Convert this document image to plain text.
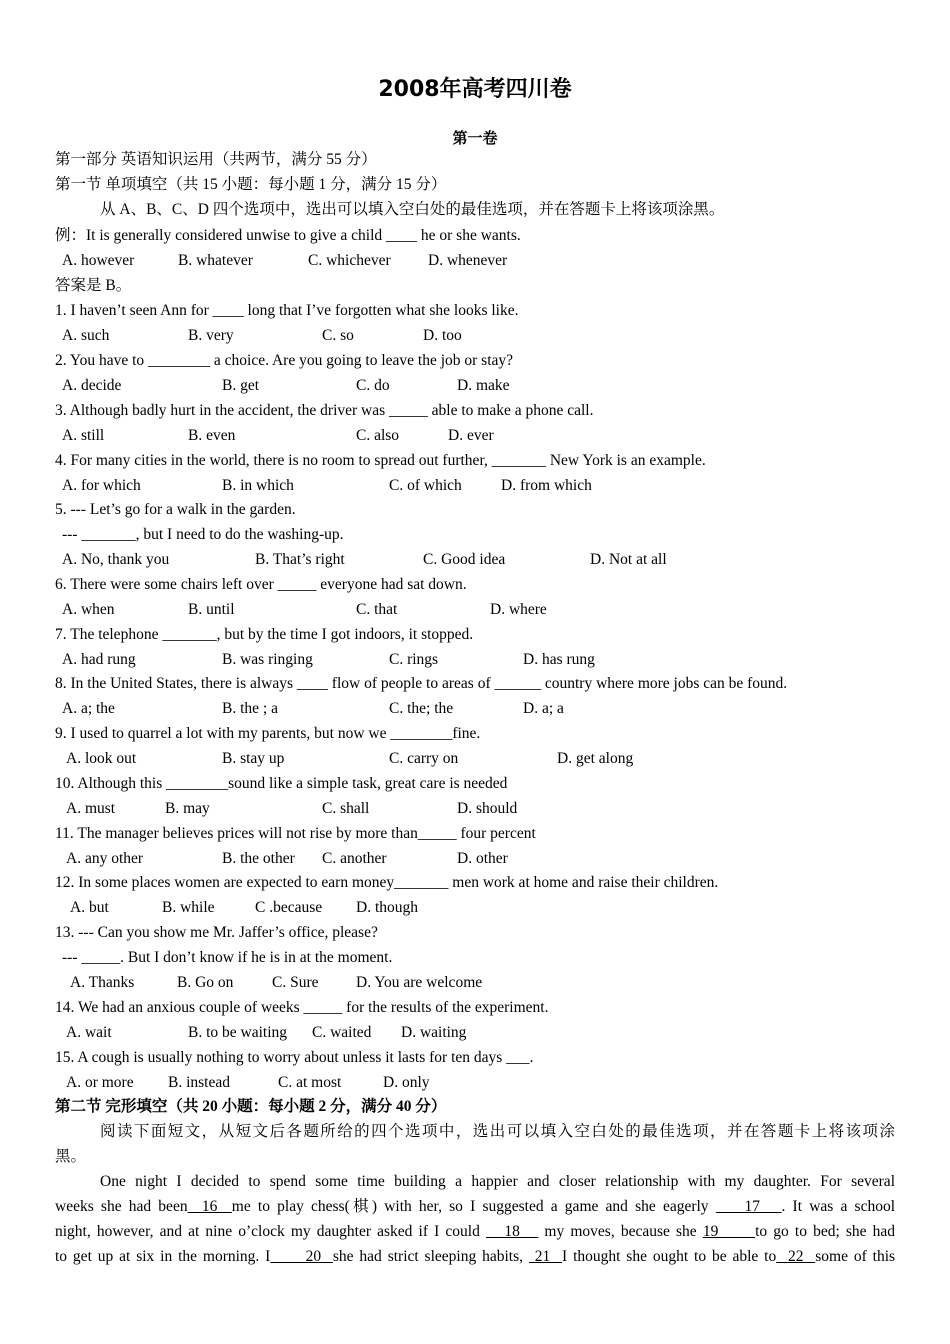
2008年高考四川卷
第一卷
第一部分 英语知识运用（共两节，满分 55 分）
第一节 单项填空（共 15 小题：每小题 1 分，满分 15 分）
从 A、B、C、D 四个选项中，选出可以填入空白处的最佳选项，并在答题卡上将该项涂黑。
例：It is generally considered unwise to give a child ____ he or she wants.
A. however	B. whatever	C. whichever D. whenever
答案是 B。
1. I haven’t seen Ann for ____ long that I’ve forgotten what she looks like.
A. such	B. very	C. so	D. too
2. You have to ________ a choice. Are you going to leave the job or stay?
A. decide	B. get	C. do	D. make
3. Although badly hurt in the accident, the driver was _____ able to make a phone call.
A. still	B. even	C. also	D. ever
4. For many cities in the world, there is no room to spread out further, _______ New York is an example.
A. for which	B. in which	C. of which	D. from which
5. --- Let’s go for a walk in the garden.
--- _______, but I need to do the washing-up.
A. No, thank you	B. That’s right	C. Good idea	D. Not at all
6. There were some chairs left over _____ everyone had sat down.
A. when	B. until	C. that	D. where
7. The telephone _______, but by the time I got indoors, it stopped.
A. had rung	B. was ringing	C. rings	D. has rung
8. In the United States, there is always ____ flow of people to areas of ______ country where more jobs can be found.
A. a; the	B. the ; a	C. the; the	D. a; a
9. I used to quarrel a lot with my parents, but now we ________fine.
A. look out	B. stay up	C. carry on	D. get along
10. Although this ________sound like a simple task, great care is needed
A. must	B. may	C. shall	D. should
11. The manager believes prices will not rise by more than_____ four percent
A. any other	B. the other C. another	D. other
12. In some places women are expected to earn money_______ men work at home and raise their children.
A. but	B. while	C .because D. though
13. --- Can you show me Mr. Jaffer’s office, please?
--- _____. But I don’t know if he is in at the moment.
A. Thanks	B. Go on C. Sure D. You are welcome
14. We had an anxious couple of weeks _____ for the results of the experiment.
A. wait	B. to be waiting C. waited D. waiting
15. A cough is usually nothing to worry about unless it lasts for ten days ___.
A. or more B. instead	C. at most	D. only
第二节 完形填空（共 20 小题：每小题 2 分，满分 40 分）
阅读下面短文，从短文后各题所给的四个选项中，选出可以填入空白处的最佳选项，并在答题卡上将该项涂
黑。
One night I decided to spend some time building a happier and closer relationship with my daughter. For several
weeks she had been  16  me to play chess(棋) with her, so I suggested a game and she eagerly     17   . It was a school
night, however, and at nine o’clock my daughter asked if I could    18    my moves, because she 19      to go to bed; she had
to get up at six in the morning. I      20  she had strict sleeping habits,  21  I thought she ought to be able to  22  some of this
